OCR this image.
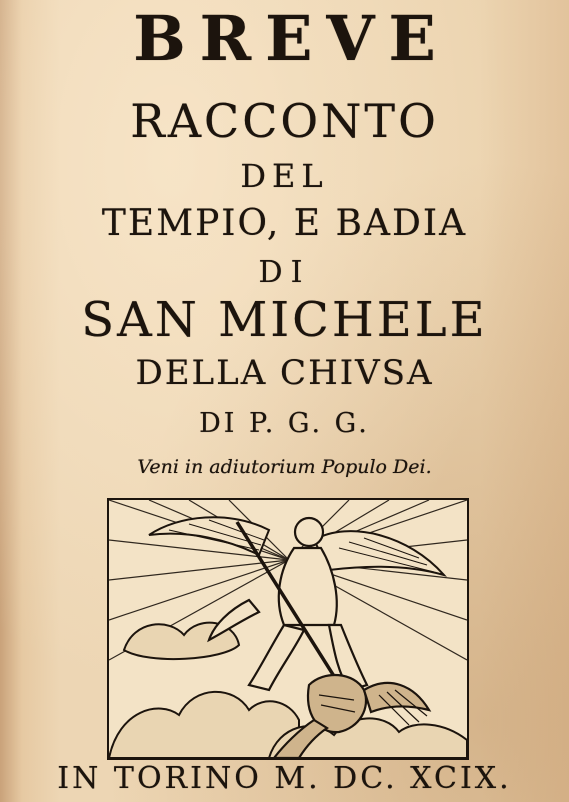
BREVE
RACCONTO
DEL
TEMPIO, E BADIA
DI
SAN MICHELE
DELLA CHIVSA
DI P. G. G.
Veni in adiutorium Populo Dei.
IN TORINO M. DC. XCIX.
